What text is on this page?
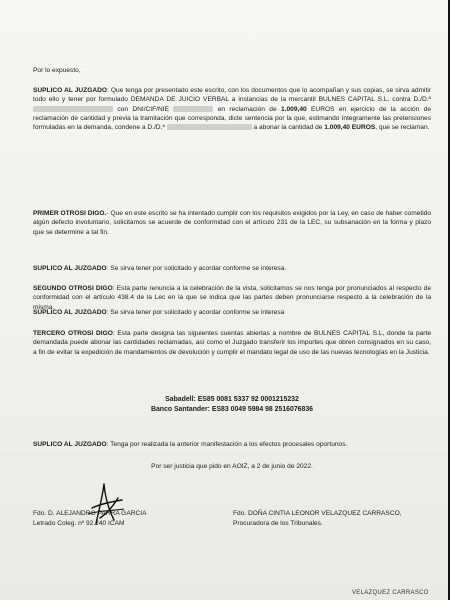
Por lo expuesto,

SUPLICO AL JUZGADO: Que tenga por presentado este escrito, con los documentos que lo acompañan y sus copias, se sirva admitir todo ello y tener por formulado DEMANDA DE JUICIO VERBAL a instancias de la mercantil BULNES CAPITAL S.L. contra D./D.ª  con DNI/CIF/NIE	en reclamación de 1.009,40 EUROS en ejercicio de la acción de reclamación de cantidad y previa la tramitación que corresponda, dicte sentencia por la que, estimando íntegramente las pretensiones formuladas en la demanda, condene a D./D.ª	a abonar la cantidad de 1.009,40 EUROS, que se reclaman.

PRIMER OTROSI DIGO.- Que en este escrito se ha intentado cumplir con los requisitos exigidos por la Ley, en caso de haber cometido algún defecto involuntario, solicitamos se acuerde de conformidad con el artículo 231 de la LEC, su subsanación en la forma y plazo que se determine a tal fin.

SUPLICO AL JUZGADO: Se sirva tener por solicitado y acordar conforme se interesa.

SEGUNDO OTROSI DIGO: Esta parte renuncia a la celebración de la vista, solicitamos se nos tenga por pronunciados al respecto de conformidad con el artículo 438.4 de la Lec en la que se indica que las partes deben pronunciarse respecto a la celebración de la misma.

SUPLICO AL JUZGADO: Se sirva tener por solicitado y acordar conforme se interesa

TERCERO OTROSI DIGO: Esta parte designa las siguientes cuentas abiertas a nombre de BULNES CAPITAL S.L, donde la parte demandada puede abonar las cantidades reclamadas, así como el Juzgado transferir los importes que obren consignados en su caso, a fin de evitar la expedición de mandamientos de devolución y cumplir el mandato legal de uso de las nuevas tecnologías en la Justicia.

Sabadell: ES85 0081 5337 92 0001215232
Banco Santander: ES83 0049 5984 98 2516076836

SUPLICO AL JUZGADO: Tenga por realizada la anterior manifestación a los efectos procesales oportunos.

Por ser justicia que pido en AOIZ, a 2 de junio de 2022.

Fdo. D. ALEJANDRO PARRA GARCIA
Letrado Coleg. nº 92.240 ICAM
Fdo. DOÑA CINTIA LEONOR VELAZQUEZ CARRASCO,
Procuradora de los Tribunales.
VELAZQUEZ CARRASCO
